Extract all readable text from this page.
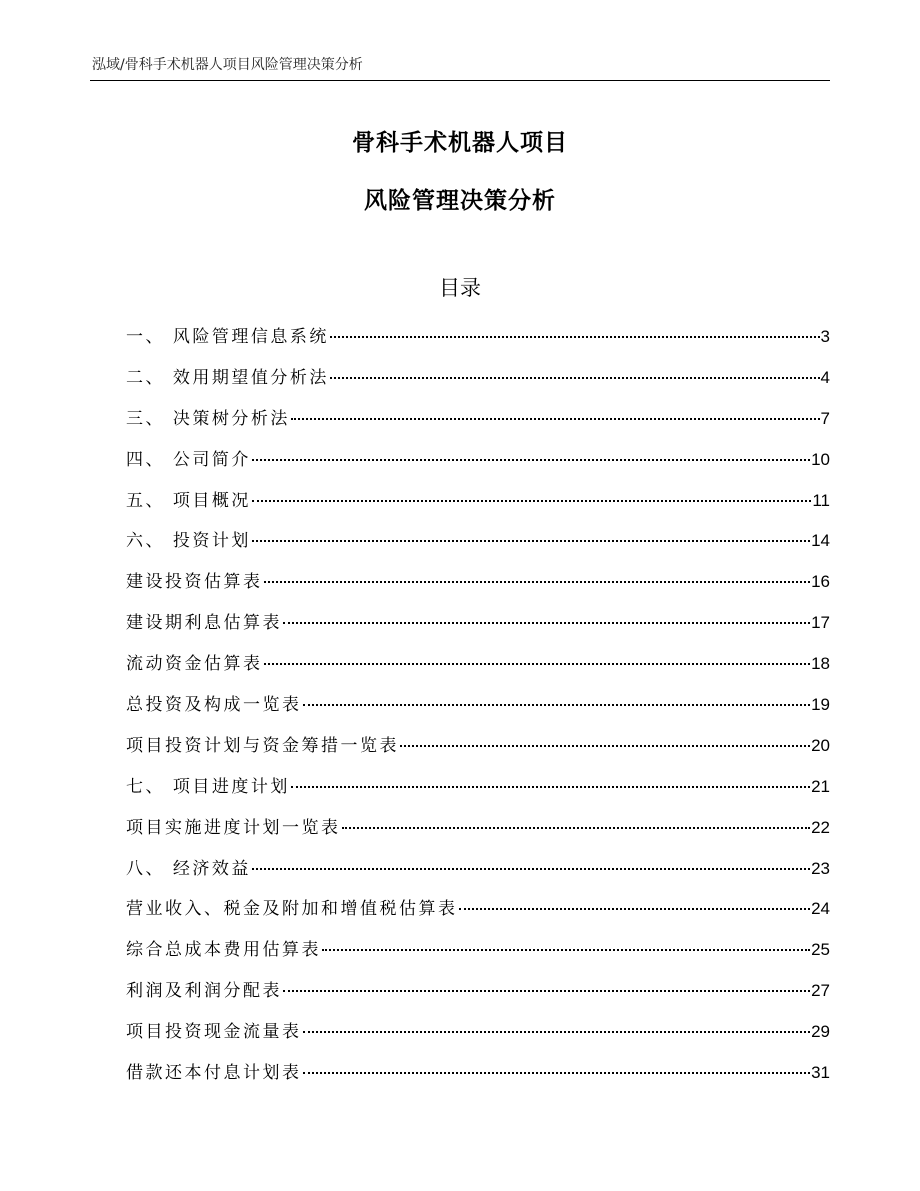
泓域/骨科手术机器人项目风险管理决策分析
骨科手术机器人项目
风险管理决策分析
目录
一、 风险管理信息系统	3
二、 效用期望值分析法	4
三、 决策树分析法	7
四、 公司简介	10
五、 项目概况	11
六、 投资计划	14
建设投资估算表	16
建设期利息估算表	17
流动资金估算表	18
总投资及构成一览表	19
项目投资计划与资金筹措一览表	20
七、 项目进度计划	21
项目实施进度计划一览表	22
八、 经济效益	23
营业收入、税金及附加和增值税估算表	24
综合总成本费用估算表	25
利润及利润分配表	27
项目投资现金流量表	29
借款还本付息计划表	31
